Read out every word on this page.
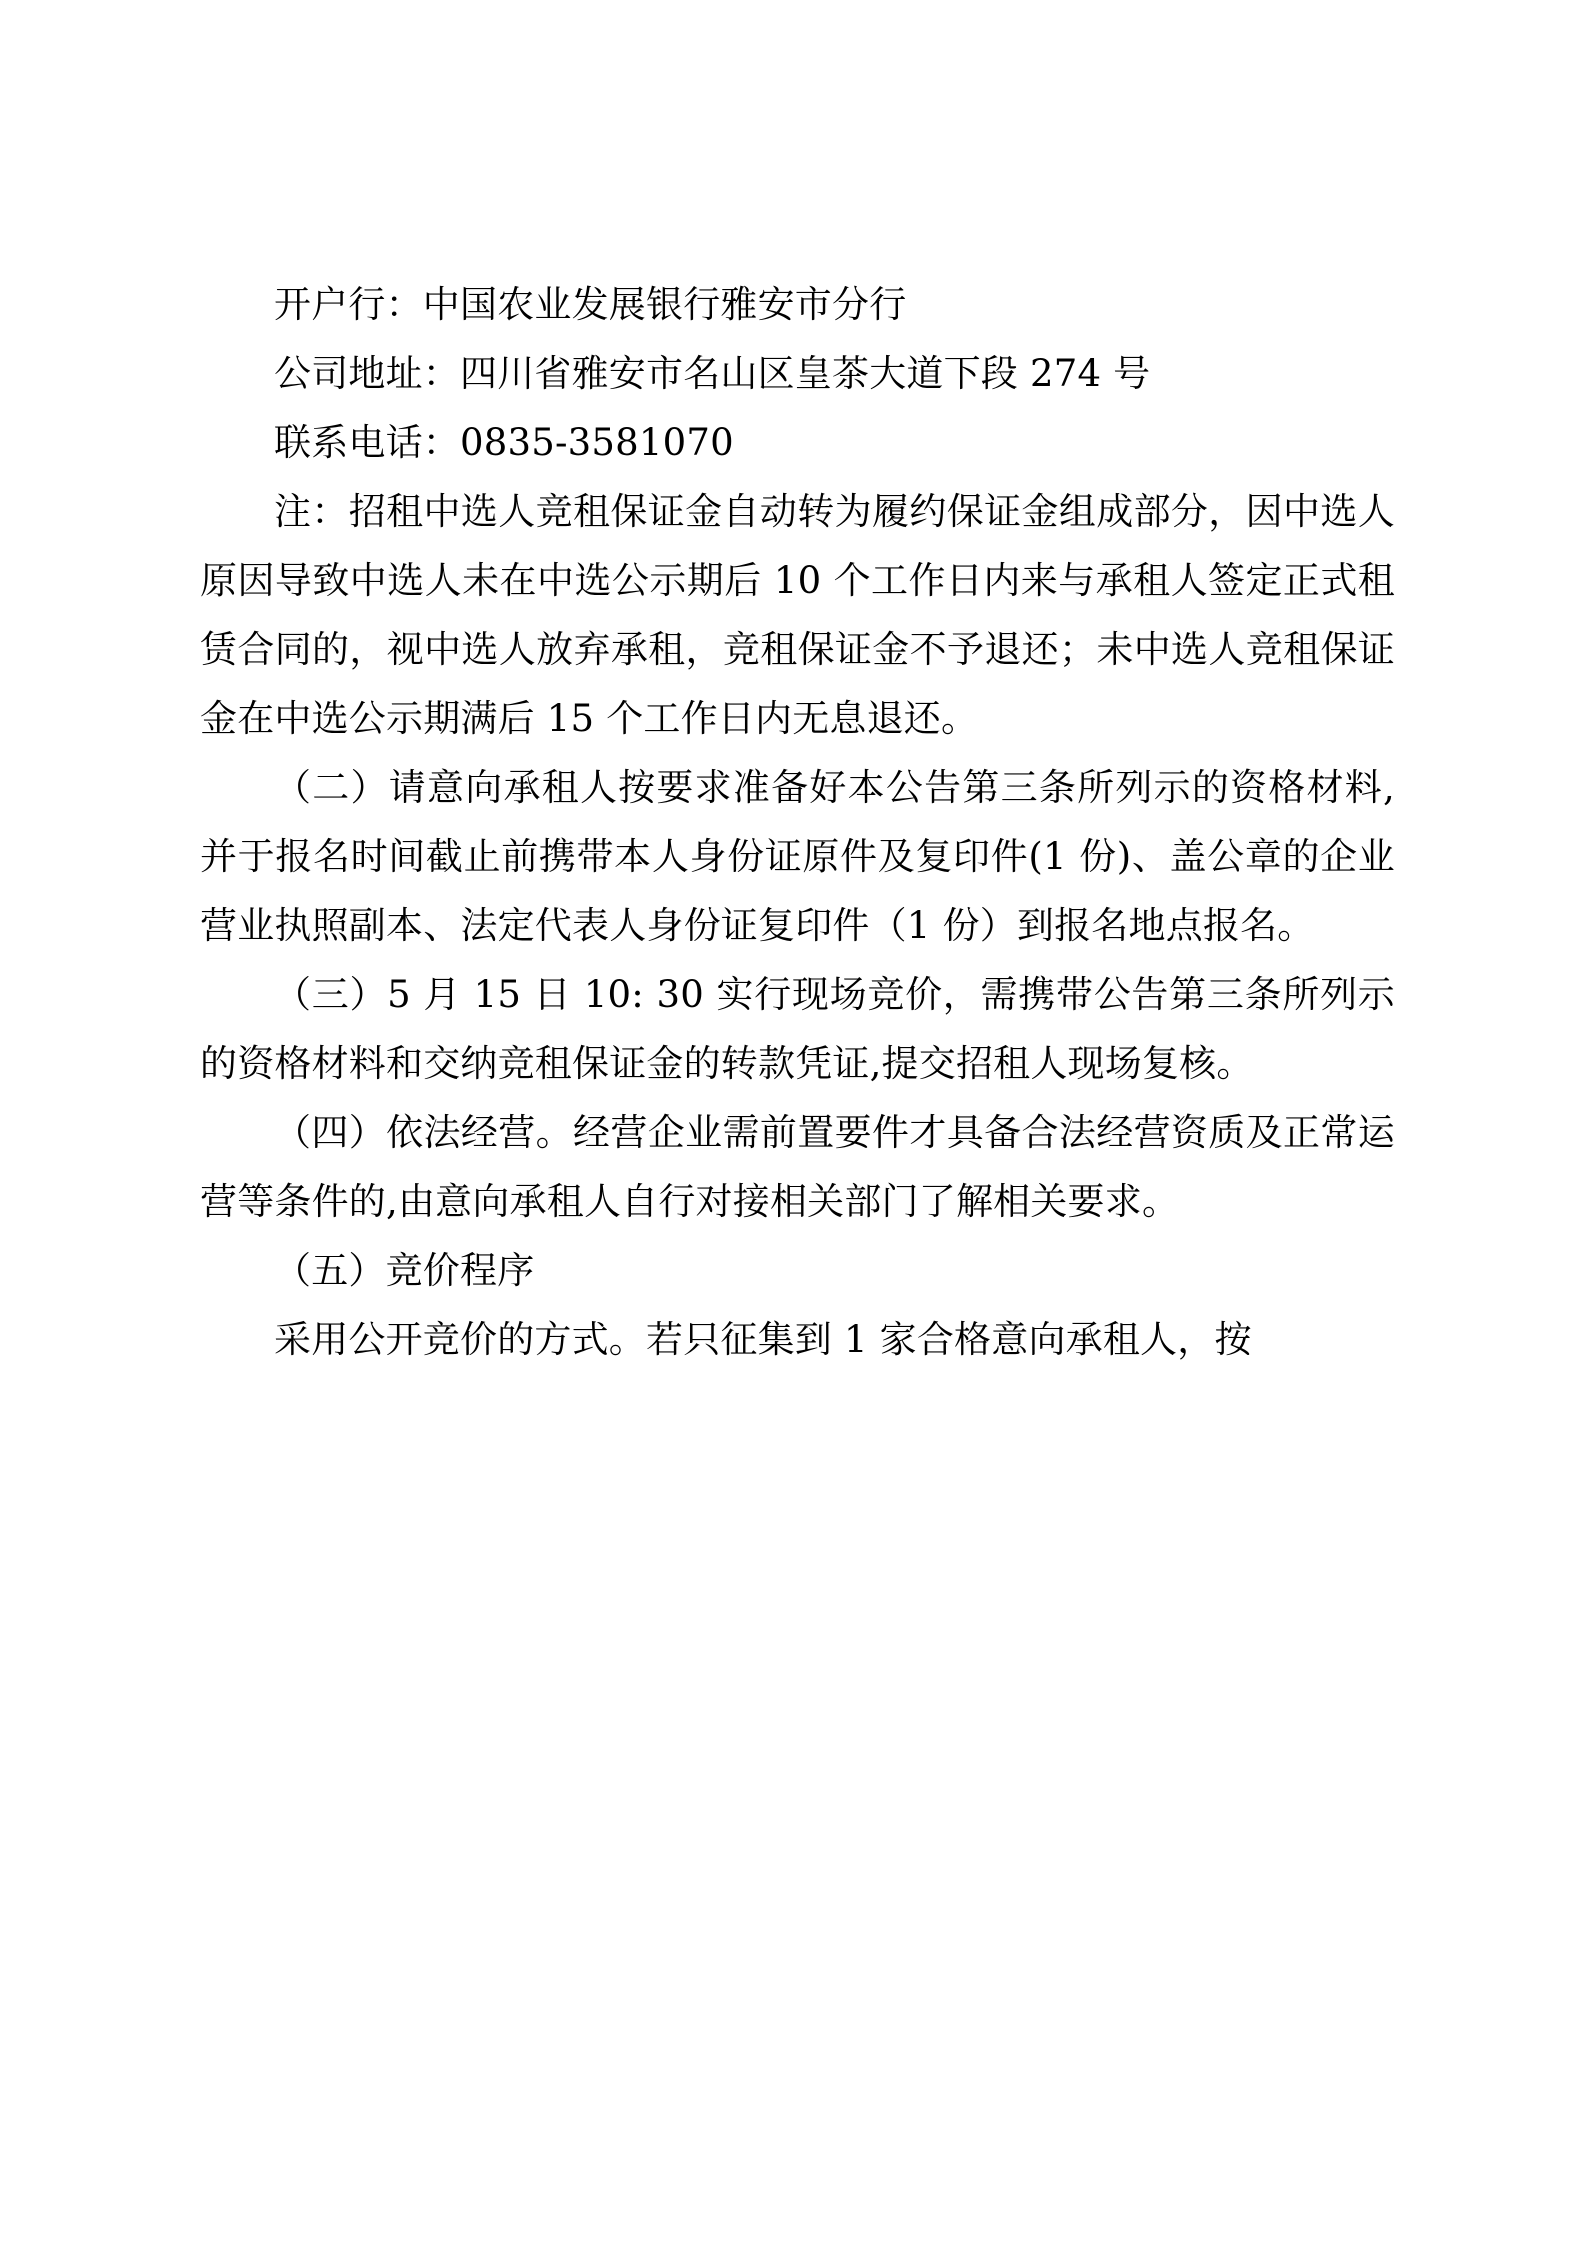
开户行：中国农业发展银行雅安市分行

公司地址：四川省雅安市名山区皇茶大道下段 274 号

联系电话：0835-3581070

注：招租中选人竞租保证金自动转为履约保证金组成部分，因中选人原因导致中选人未在中选公示期后 10 个工作日内来与承租人签定正式租赁合同的，视中选人放弃承租，竞租保证金不予退还；未中选人竞租保证金在中选公示期满后 15 个工作日内无息退还。

（二）请意向承租人按要求准备好本公告第三条所列示的资格材料,并于报名时间截止前携带本人身份证原件及复印件(1 份)、盖公章的企业营业执照副本、法定代表人身份证复印件（1 份）到报名地点报名。

（三）5 月 15 日 10: 30 实行现场竞价，需携带公告第三条所列示的资格材料和交纳竞租保证金的转款凭证,提交招租人现场复核。

（四）依法经营。经营企业需前置要件才具备合法经营资质及正常运营等条件的,由意向承租人自行对接相关部门了解相关要求。

（五）竞价程序

采用公开竞价的方式。若只征集到 1 家合格意向承租人，按
